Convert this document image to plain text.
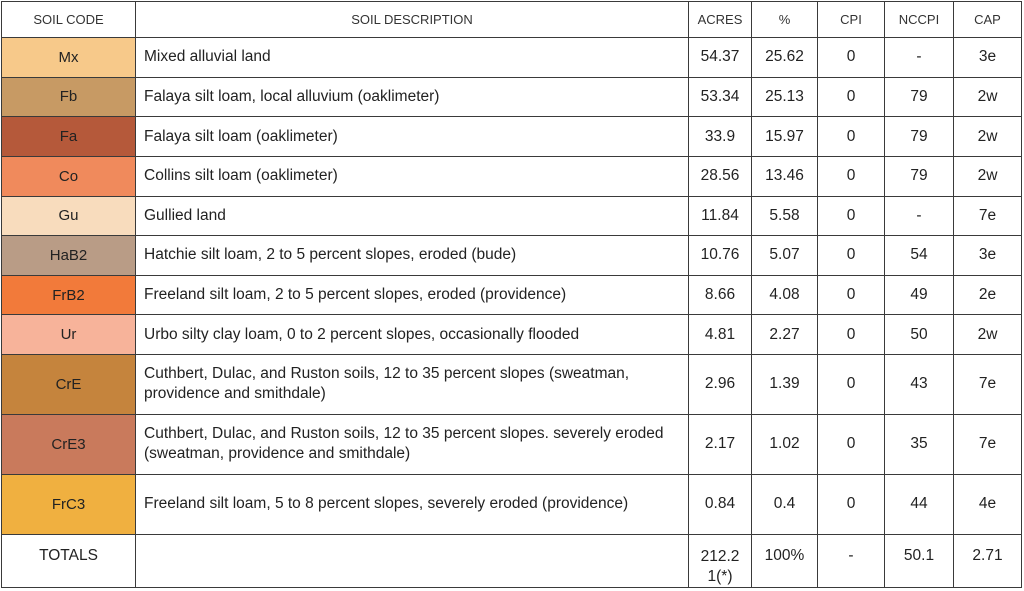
SOIL CODE	SOIL DESCRIPTION	ACRES	%	CPI	NCCPI	CAP
Mx	Mixed alluvial land	54.37	25.62	0	-	3e
Fb	Falaya silt loam, local alluvium (oaklimeter)	53.34	25.13	0	79	2w
Fa	Falaya silt loam (oaklimeter)	33.9	15.97	0	79	2w
Co	Collins silt loam (oaklimeter)	28.56	13.46	0	79	2w
Gu	Gullied land	11.84	5.58	0	-	7e
HaB2	Hatchie silt loam, 2 to 5 percent slopes, eroded (bude)	10.76	5.07	0	54	3e
FrB2	Freeland silt loam, 2 to 5 percent slopes, eroded (providence)	8.66	4.08	0	49	2e
Ur	Urbo silty clay loam, 0 to 2 percent slopes, occasionally flooded	4.81	2.27	0	50	2w
CrE	Cuthbert, Dulac, and Ruston soils, 12 to 35 percent slopes (sweatman, providence and smithdale)	2.96	1.39	0	43	7e
CrE3	Cuthbert, Dulac, and Ruston soils, 12 to 35 percent slopes. severely eroded (sweatman, providence and smithdale)	2.17	1.02	0	35	7e
FrC3	Freeland silt loam, 5 to 8 percent slopes, severely eroded (providence)	0.84	0.4	0	44	4e
TOTALS		212.2 1(*)	100%	-	50.1	2.71
